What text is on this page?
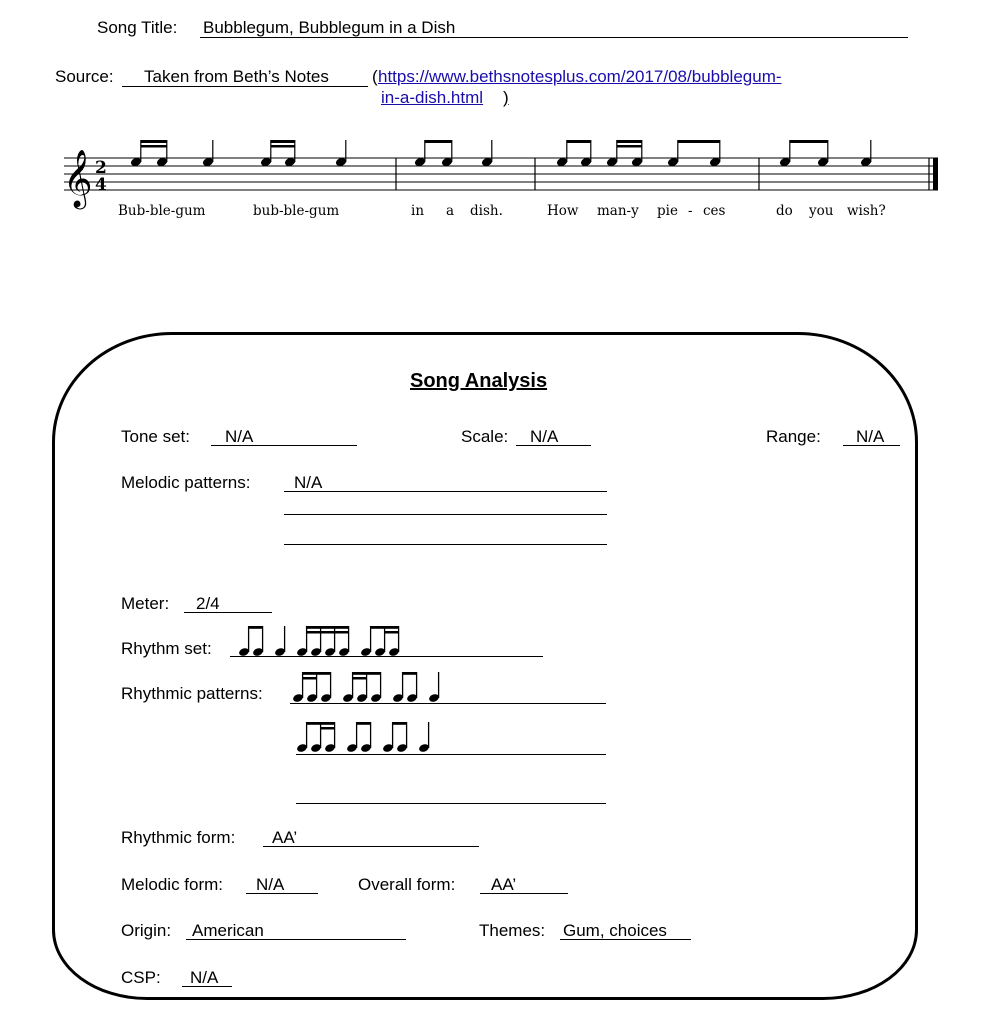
Song Title: Bubblegum, Bubblegum in a Dish
Source: Taken from Beth’s Notes	( https://www.bethsnotesplus.com/2017/08/bubblegum-
in-a-dish.html )
𝄞 2
4
Bub-ble-gum	bub-ble-gum	in a dish.	How man-y pie - ces	do you wish?
Song Analysis
Tone set: N/A	Scale: N/A	Range: N/A
Melodic patterns:	N/A
Meter: 2/4
Rhythm set:
Rhythmic patterns:
Rhythmic form: AA’
Melodic form: N/A	Overall form: AA’
Origin: American	Themes: Gum, choices
CSP: N/A
